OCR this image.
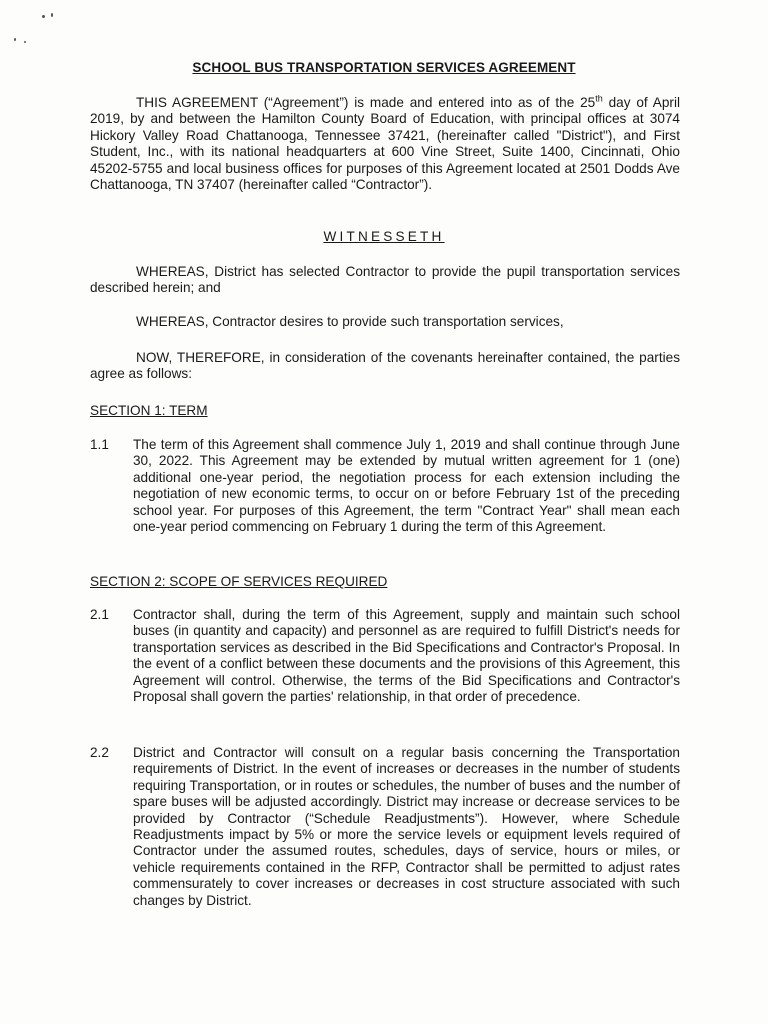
SCHOOL BUS TRANSPORTATION SERVICES AGREEMENT
THIS AGREEMENT (“Agreement”) is made and entered into as of the 25th day of April 2019, by and between the Hamilton County Board of Education, with principal offices at 3074 Hickory Valley Road Chattanooga, Tennessee 37421, (hereinafter called "District"), and First Student, Inc., with its national headquarters at 600 Vine Street, Suite 1400, Cincinnati, Ohio 45202-5755 and local business offices for purposes of this Agreement located at 2501 Dodds Ave Chattanooga, TN 37407 (hereinafter called “Contractor”).
WITNESSETH
WHEREAS, District has selected Contractor to provide the pupil transportation services described herein; and
WHEREAS, Contractor desires to provide such transportation services,
NOW, THEREFORE, in consideration of the covenants hereinafter contained, the parties agree as follows:
SECTION 1: TERM
1.1 The term of this Agreement shall commence July 1, 2019 and shall continue through June 30, 2022. This Agreement may be extended by mutual written agreement for 1 (one) additional one-year period, the negotiation process for each extension including the negotiation of new economic terms, to occur on or before February 1st of the preceding school year. For purposes of this Agreement, the term "Contract Year" shall mean each one-year period commencing on February 1 during the term of this Agreement.
SECTION 2: SCOPE OF SERVICES REQUIRED
2.1 Contractor shall, during the term of this Agreement, supply and maintain such school buses (in quantity and capacity) and personnel as are required to fulfill District's needs for transportation services as described in the Bid Specifications and Contractor's Proposal. In the event of a conflict between these documents and the provisions of this Agreement, this Agreement will control. Otherwise, the terms of the Bid Specifications and Contractor's Proposal shall govern the parties' relationship, in that order of precedence.
2.2 District and Contractor will consult on a regular basis concerning the Transportation requirements of District. In the event of increases or decreases in the number of students requiring Transportation, or in routes or schedules, the number of buses and the number of spare buses will be adjusted accordingly. District may increase or decrease services to be provided by Contractor (“Schedule Readjustments”). However, where Schedule Readjustments impact by 5% or more the service levels or equipment levels required of Contractor under the assumed routes, schedules, days of service, hours or miles, or vehicle requirements contained in the RFP, Contractor shall be permitted to adjust rates commensurately to cover increases or decreases in cost structure associated with such changes by District.
